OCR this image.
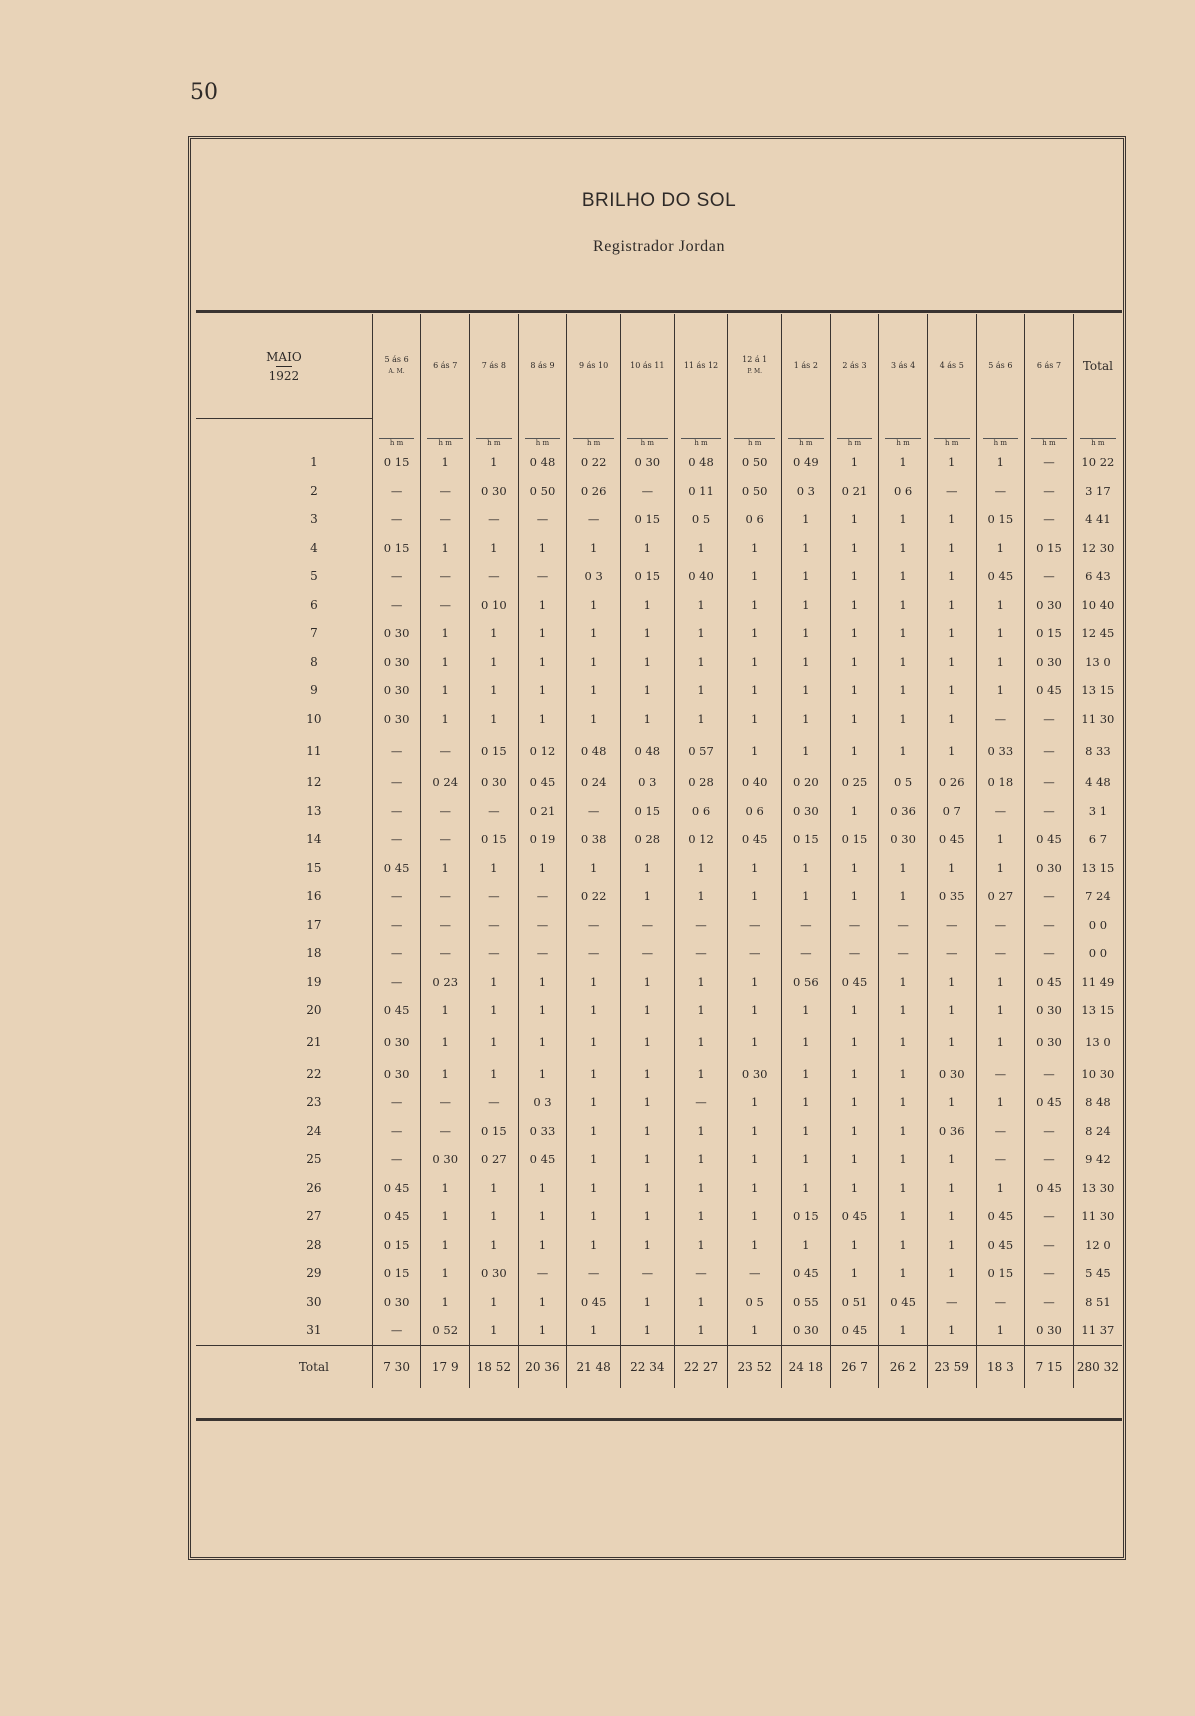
50
BRILHO DO SOL
Registrador Jordan
MAIO
1922	5 ás 6
A. M.	6 ás 7	7 ás 8	8 ás 9	9 ás 10	10 ás 11	11 ás 12	12 á 1
P. M.	1 ás 2	2 ás 3	3 ás 4	4 ás 5	5 ás 6	6 ás 7	Total

	h m	h m	h m	h m	h m	h m	h m	h m	h m	h m	h m	h m	h m	h m	h m

1	0 15	1	1	0 48	0 22	0 30	0 48	0 50	0 49	1	1	1	1	—	10 22
2	—	—	0 30	0 50	0 26	—	0 11	0 50	0 3	0 21	0 6	—	—	—	3 17
3	—	—	—	—	—	0 15	0 5	0 6	1	1	1	1	0 15	—	4 41
4	0 15	1	1	1	1	1	1	1	1	1	1	1	1	0 15	12 30
5	—	—	—	—	0 3	0 15	0 40	1	1	1	1	1	0 45	—	6 43
6	—	—	0 10	1	1	1	1	1	1	1	1	1	1	0 30	10 40
7	0 30	1	1	1	1	1	1	1	1	1	1	1	1	0 15	12 45
8	0 30	1	1	1	1	1	1	1	1	1	1	1	1	0 30	13 0
9	0 30	1	1	1	1	1	1	1	1	1	1	1	1	0 45	13 15
10	0 30	1	1	1	1	1	1	1	1	1	1	1	—	—	11 30
11	—	—	0 15	0 12	0 48	0 48	0 57	1	1	1	1	1	0 33	—	8 33
12	—	0 24	0 30	0 45	0 24	0 3	0 28	0 40	0 20	0 25	0 5	0 26	0 18	—	4 48
13	—	—	—	0 21	—	0 15	0 6	0 6	0 30	1	0 36	0 7	—	—	3 1
14	—	—	0 15	0 19	0 38	0 28	0 12	0 45	0 15	0 15	0 30	0 45	1	0 45	6 7
15	0 45	1	1	1	1	1	1	1	1	1	1	1	1	0 30	13 15
16	—	—	—	—	0 22	1	1	1	1	1	1	0 35	0 27	—	7 24
17	—	—	—	—	—	—	—	—	—	—	—	—	—	—	0 0
18	—	—	—	—	—	—	—	—	—	—	—	—	—	—	0 0
19	—	0 23	1	1	1	1	1	1	0 56	0 45	1	1	1	0 45	11 49
20	0 45	1	1	1	1	1	1	1	1	1	1	1	1	0 30	13 15
21	0 30	1	1	1	1	1	1	1	1	1	1	1	1	0 30	13 0
22	0 30	1	1	1	1	1	1	0 30	1	1	1	0 30	—	—	10 30
23	—	—	—	0 3	1	1	—	1	1	1	1	1	1	0 45	8 48
24	—	—	0 15	0 33	1	1	1	1	1	1	1	0 36	—	—	8 24
25	—	0 30	0 27	0 45	1	1	1	1	1	1	1	1	—	—	9 42
26	0 45	1	1	1	1	1	1	1	1	1	1	1	1	0 45	13 30
27	0 45	1	1	1	1	1	1	1	0 15	0 45	1	1	0 45	—	11 30
28	0 15	1	1	1	1	1	1	1	1	1	1	1	0 45	—	12 0
29	0 15	1	0 30	—	—	—	—	—	0 45	1	1	1	0 15	—	5 45
30	0 30	1	1	1	0 45	1	1	0 5	0 55	0 51	0 45	—	—	—	8 51
31	—	0 52	1	1	1	1	1	1	0 30	0 45	1	1	1	0 30	11 37
Total	7 30	17 9	18 52	20 36	21 48	22 34	22 27	23 52	24 18	26 7	26 2	23 59	18 3	7 15	280 32
